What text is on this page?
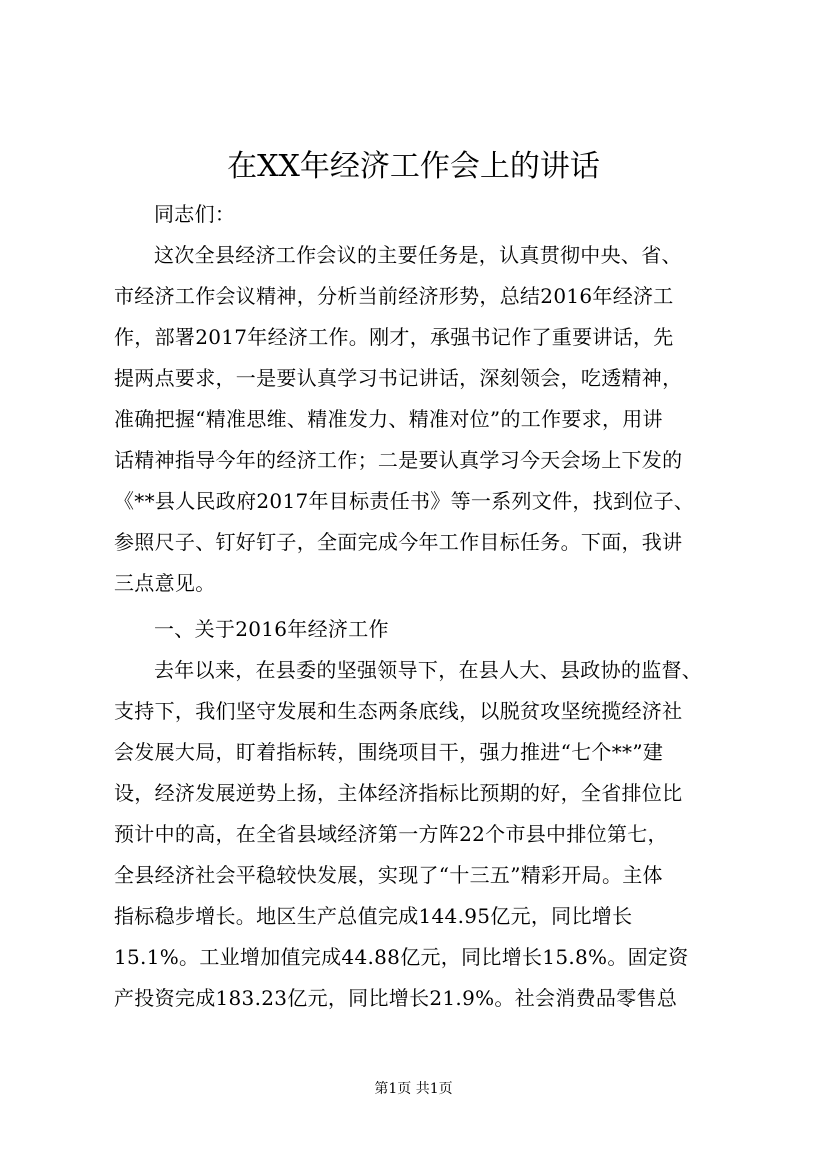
在XX年经济工作会上的讲话

同志们：

这次全县经济工作会议的主要任务是，认真贯彻中央、省、

市经济工作会议精神，分析当前经济形势，总结2016年经济工

作，部署2017年经济工作。刚才，承强书记作了重要讲话，先

提两点要求，一是要认真学习书记讲话，深刻领会，吃透精神，

准确把握“精准思维、精准发力、精准对位”的工作要求，用讲

话精神指导今年的经济工作；二是要认真学习今天会场上下发的

《**县人民政府2017年目标责任书》等一系列文件，找到位子、

参照尺子、钉好钉子，全面完成今年工作目标任务。下面，我讲

三点意见。

一、关于2016年经济工作

去年以来，在县委的坚强领导下，在县人大、县政协的监督、

支持下，我们坚守发展和生态两条底线，以脱贫攻坚统揽经济社

会发展大局，盯着指标转，围绕项目干，强力推进“七个**”建

设，经济发展逆势上扬，主体经济指标比预期的好，全省排位比

预计中的高，在全省县域经济第一方阵22个市县中排位第七，

全县经济社会平稳较快发展，实现了“十三五”精彩开局。主体

指标稳步增长。地区生产总值完成144.95亿元，同比增长

15.1%。工业增加值完成44.88亿元，同比增长15.8%。固定资

产投资完成183.23亿元，同比增长21.9%。社会消费品零售总

第1页 共1页
